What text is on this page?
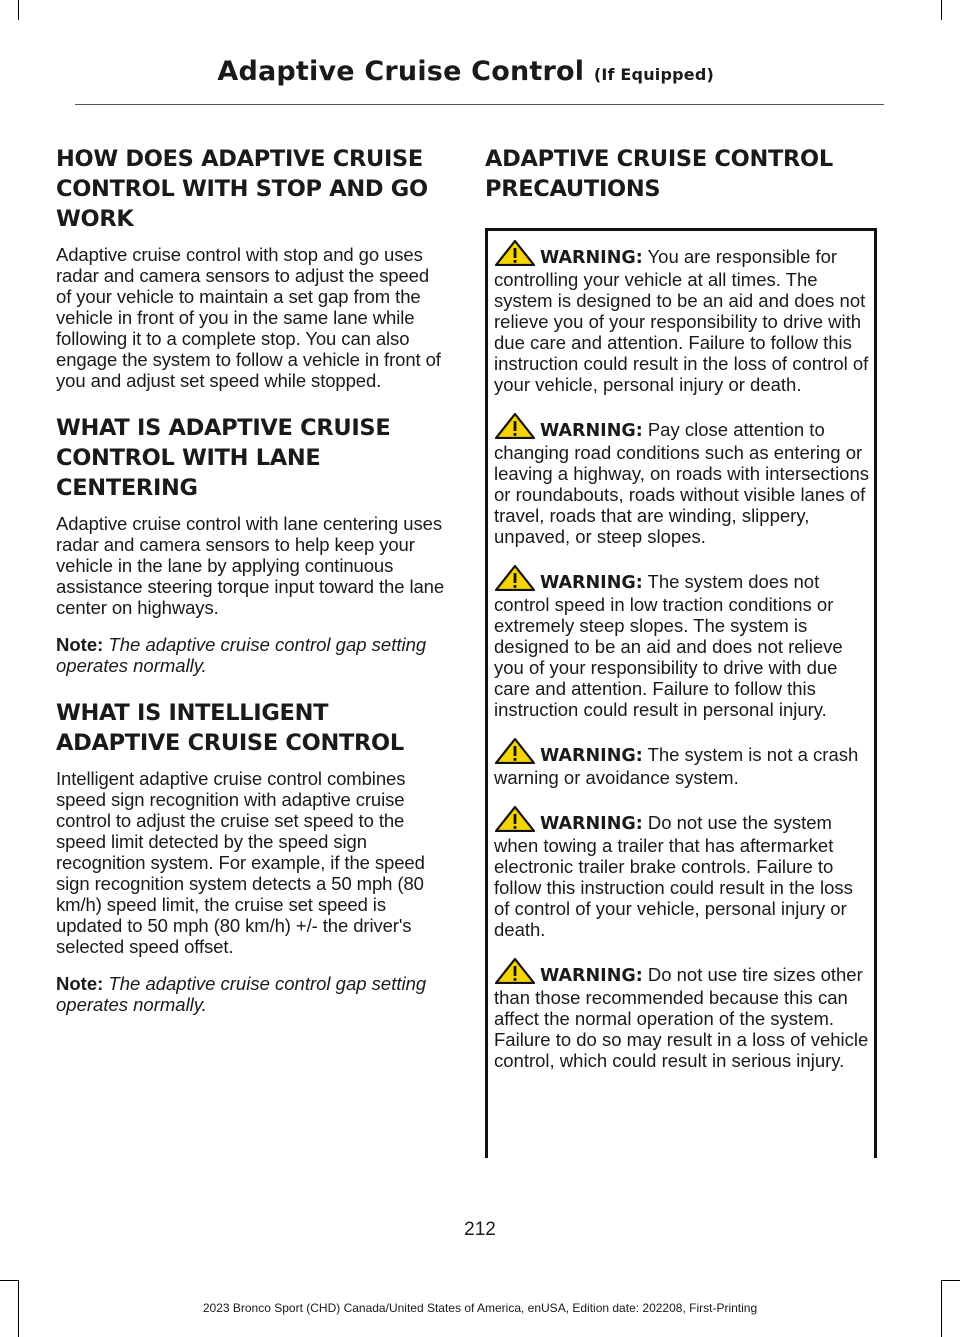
Adaptive Cruise Control (If Equipped)
HOW DOES ADAPTIVE CRUISE CONTROL WITH STOP AND GO WORK

Adaptive cruise control with stop and go uses radar and camera sensors to adjust the speed of your vehicle to maintain a set gap from the vehicle in front of you in the same lane while following it to a complete stop. You can also engage the system to follow a vehicle in front of you and adjust set speed while stopped.

WHAT IS ADAPTIVE CRUISE CONTROL WITH LANE CENTERING

Adaptive cruise control with lane centering uses radar and camera sensors to help keep your vehicle in the lane by applying continuous assistance steering torque input toward the lane center on highways.

Note: The adaptive cruise control gap setting operates normally.

WHAT IS INTELLIGENT ADAPTIVE CRUISE CONTROL

Intelligent adaptive cruise control combines speed sign recognition with adaptive cruise control to adjust the cruise set speed to the speed limit detected by the speed sign recognition system. For example, if the speed sign recognition system detects a 50 mph (80 km/h) speed limit, the cruise set speed is updated to 50 mph (80 km/h) +/- the driver's selected speed offset.

Note: The adaptive cruise control gap setting operates normally.

ADAPTIVE CRUISE CONTROL PRECAUTIONS

WARNING: You are responsible for controlling your vehicle at all times. The system is designed to be an aid and does not relieve you of your responsibility to drive with due care and attention. Failure to follow this instruction could result in the loss of control of your vehicle, personal injury or death.

WARNING: Pay close attention to changing road conditions such as entering or leaving a highway, on roads with intersections or roundabouts, roads without visible lanes of travel, roads that are winding, slippery, unpaved, or steep slopes.

WARNING: The system does not control speed in low traction conditions or extremely steep slopes. The system is designed to be an aid and does not relieve you of your responsibility to drive with due care and attention. Failure to follow this instruction could result in personal injury.

WARNING: The system is not a crash warning or avoidance system.

WARNING: Do not use the system when towing a trailer that has aftermarket electronic trailer brake controls. Failure to follow this instruction could result in the loss of control of your vehicle, personal injury or death.

WARNING: Do not use tire sizes other than those recommended because this can affect the normal operation of the system. Failure to do so may result in a loss of vehicle control, which could result in serious injury.

212
2023 Bronco Sport (CHD) Canada/United States of America, enUSA, Edition date: 202208, First-Printing
